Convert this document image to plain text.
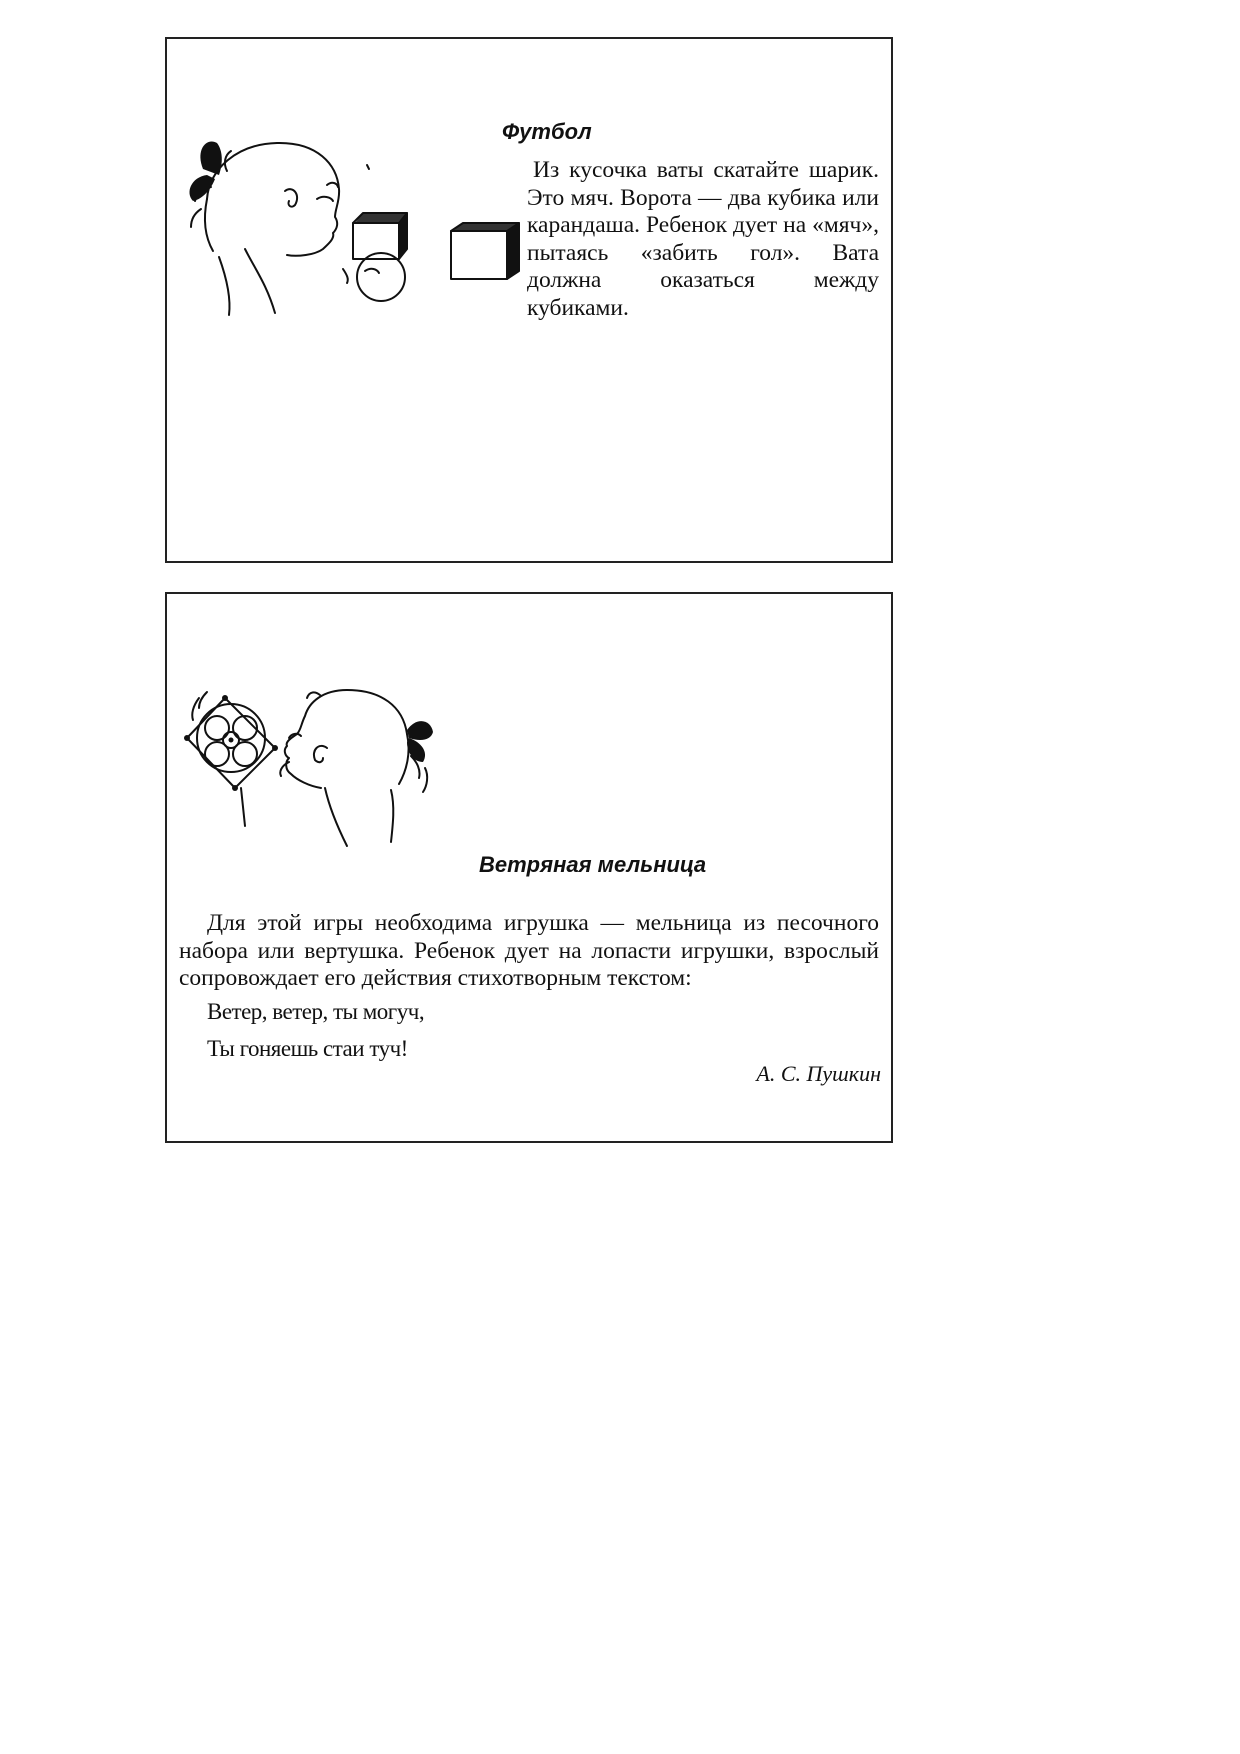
Футбол

Из кусочка ваты скатайте шарик. Это мяч. Ворота — два кубика или карандаша. Ребенок дует на «мяч», пытаясь «забить гол». Вата должна оказаться между кубиками.

Ветряная мельница

Для этой игры необходима игрушка — мельница из песочного набора или вертушка. Ребенок дует на лопасти игрушки, взрослый сопровождает его действия стихотворным текстом:

Ветер, ветер, ты могуч,

Ты гоняешь стаи туч!

А. С. Пушкин
